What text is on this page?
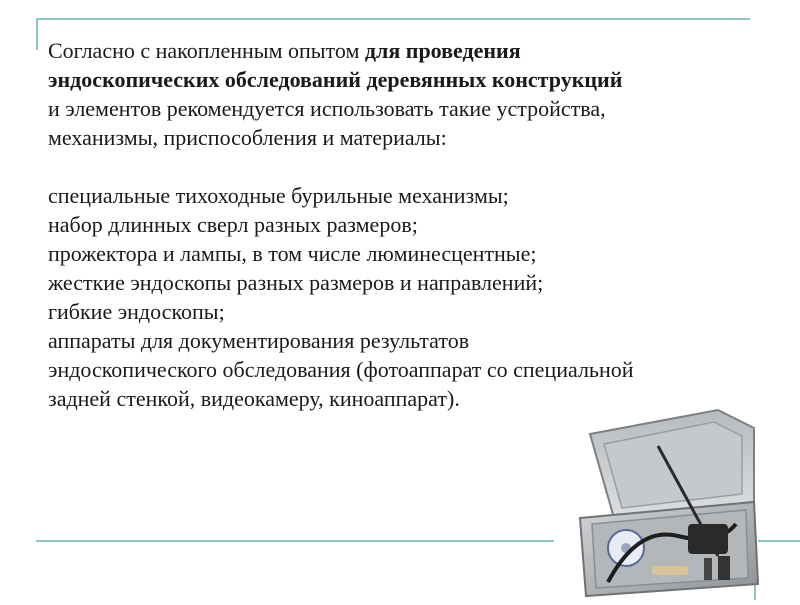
Согласно с накопленным опытом для проведения
эндоскопических обследований деревянных конструкций
и элементов рекомендуется использовать такие устройства,
механизмы, приспособления и материалы:

специальные тихоходные бурильные механизмы;

набор длинных сверл разных размеров;

прожектора и лампы, в том числе люминесцентные;

жесткие эндоскопы разных размеров и направлений;

гибкие эндоскопы;

аппараты для документирования результатов

эндоскопического обследования (фотоаппарат со специальной

задней стенкой, видеокамеру, киноаппарат).
